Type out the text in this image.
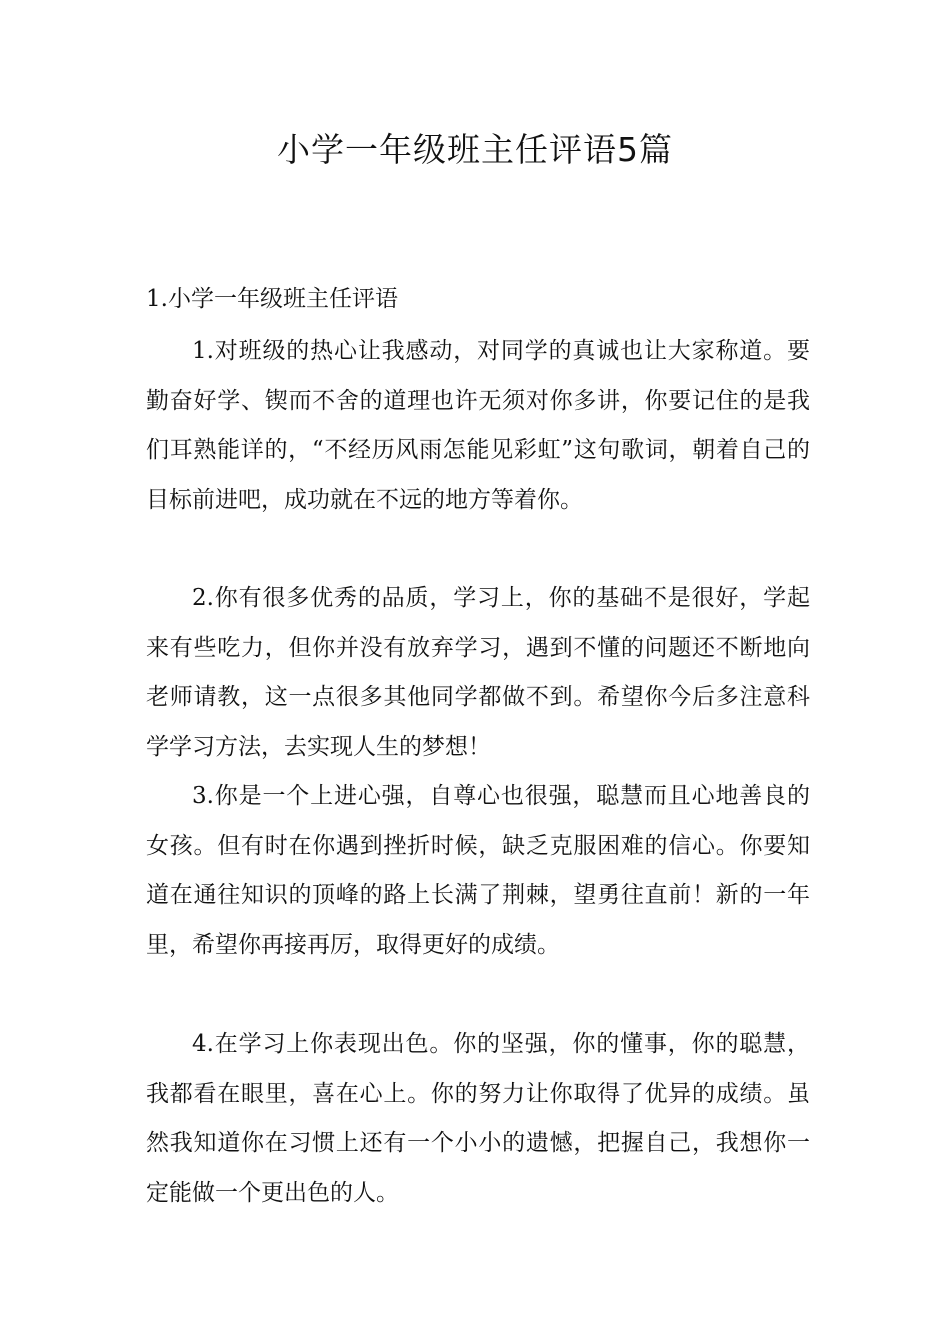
小学一年级班主任评语5篇
1.小学一年级班主任评语

1.对班级的热心让我感动，对同学的真诚也让大家称道。要勤奋好学、锲而不舍的道理也许无须对你多讲，你要记住的是我们耳熟能详的，“不经历风雨怎能见彩虹”这句歌词，朝着自己的目标前进吧，成功就在不远的地方等着你。

2.你有很多优秀的品质，学习上，你的基础不是很好，学起来有些吃力，但你并没有放弃学习，遇到不懂的问题还不断地向老师请教，这一点很多其他同学都做不到。希望你今后多注意科学学习方法，去实现人生的梦想！

3.你是一个上进心强，自尊心也很强，聪慧而且心地善良的女孩。但有时在你遇到挫折时候，缺乏克服困难的信心。你要知道在通往知识的顶峰的路上长满了荆棘，望勇往直前！新的一年里，希望你再接再厉，取得更好的成绩。

4.在学习上你表现出色。你的坚强，你的懂事，你的聪慧，我都看在眼里，喜在心上。你的努力让你取得了优异的成绩。虽然我知道你在习惯上还有一个小小的遗憾，把握自己，我想你一定能做一个更出色的人。
